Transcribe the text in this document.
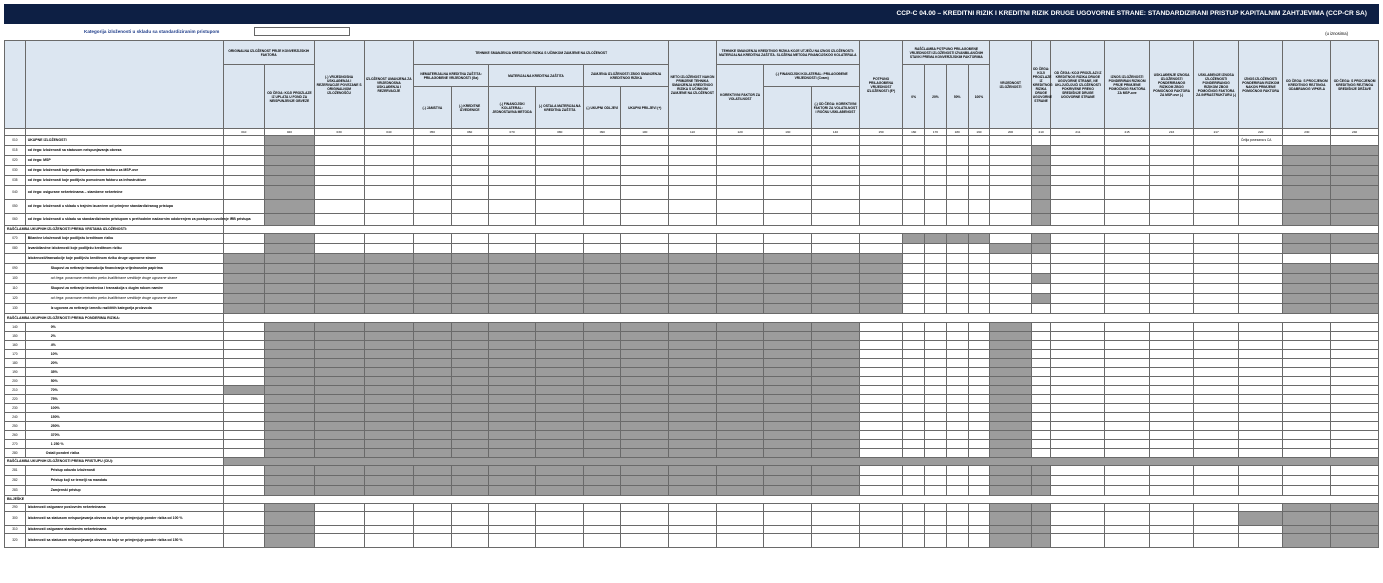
CCP-C 04.00 – KREDITNI RIZIK I KREDITNI RIZIK DRUGE UGOVORNE STRANE: STANDARDIZIRANI PRISTUP KAPITALNIM ZAHTJEVIMA (CCP-CR SA)
Kategorija izloženosti u skladu sa standardiziranim pristupom	(u iznosima)
		ORIGINALNA IZLOŽENOST PRIJE KONVERZIJSKIH FAKTORA		(-) VRIJEDNOSNA USKLAĐENJA I REZERVACIJE POVEZANE S ORIGINALNOM IZLOŽENOŠĆU	IZLOŽENOST UMANJENA ZA VRIJEDNOSNA USKLAĐENJA I REZERVACIJE	TEHNIKE SMANJENJA KREDITNOG RIZIKA S UČINKOM ZAMJENE NA IZLOŽENOST						NETO IZLOŽENOST NAKON PRIMJENE TEHNIKA SMANJENJA KREDITNOG RIZIKA S UČINKOM ZAMJENE NA IZLOŽENOST	TEHNIKE SMANJENJA KREDITNOG RIZIKA KOJE UTJEČU NA IZNOS IZLOŽENOSTI: MATERIJALNA KREDITNA ZAŠTITA. SLOŽENA METODA FINANCIJSKOG KOLATERALA			POTPUNO PRILAGOĐENA VRIJEDNOST IZLOŽENOSTI (E*)	RAŠČLAMBA POTPUNO PRILAGOĐENE VRIJEDNOSTI IZLOŽENOSTI IZVANBILANČNIH STAVKI PREMA KONVERZIJSKIM FAKTORIMA				VRIJEDNOST IZLOŽENOSTI	OD ČEGA: KOJI PROIZLAZE IZ KREDITNOG RIZIKA DRUGE UGOVORNE STRANE	OD ČEGA: KOJI PROIZLAZI IZ KREDITNOG RIZIKA DRUGE UGOVORNE STRANE, NE UKLJUČUJUĆI IZLOŽENOSTI POKRIVENE PREKO SREDIŠNJE DRUGE UGOVORNE STRANE	IZNOS IZLOŽENOSTI PONDERIRAN RIZIKOM PRIJE PRIMJENE POMOĆNOG FAKTORA ZA MSP-ove	USKLAĐENJE IZNOSA IZLOŽENOSTI PONDERIRANOG RIZIKOM ZBOG POMOĆNOG FAKTORA ZA MSP-ove (-)	USKLAĐENJE IZNOSA IZLOŽENOSTI PONDERIRANOG RIZIKOM ZBOG POMOĆNOG FAKTORA ZA INFRASTRUKTURU (-)	IZNOS IZLOŽENOSTI PONDERIRAN RIZIKOM NAKON PRIMJENE POMOĆNOG FAKTORA	OD ČEGA: S PROCJENOM KREDITNOG REJTINGA ODABRANOG VIPKR-A	OD ČEGA: S PROCJENOM KREDITNOG REJTINGA SREDIŠNJE DRŽAVE
			OD ČEGA: KOJI PROIZLAZE IZ UPLATA U FOND ZA NEISPUNJENJE OBVEZE			NEMATERIJALNA KREDITNA ZAŠTITA: PRILAGOĐENE VRIJEDNOSTI (Ga)		MATERIJALNA KREDITNA ZAŠTITA		ZAMJENA IZLOŽENOSTI ZBOG SMANJENJA KREDITNOG RIZIKA			KOREKTIVNI FAKTOR ZA VOLATILNOST	(-) FINANCIJSKI KOLATERAL: PRILAGOĐENE VRIJEDNOSTI (Cvam)			0%	20%	50%	100%									
						(-) JAMSTVA	(-) KREDITNE IZVEDENICE	(-) FINANCIJSKI KOLATERAL: JEDNOSTAVNA METODA	(-) OSTALA MATERIJALNA KREDITNA ZAŠTITA	(-) UKUPNI ODLJEVI	UKUPNI PRILJEVI (+)				(-) OD ČEGA: KOREKTIVNI FAKTORI ZA VOLATILNOST I ROČNU USKLAĐENOST														
		010	020	030	040	050	060	070	080	090	100	110	120	130	140	150	160	170	180	190	200	210	211	215	216	217	220	230	240
010	UKUPNE IZLOŽENOSTI																										Ćelija povezana s CA		
015	od čega: Izloženosti sa statusom neispunjavanja obveza																												
020	od čega: MSP																												
030	od čega: Izloženosti koje podliježu pomoćnom faktoru za MSP-ove																												
035	od čega: Izloženosti koje podliježu pomoćnom faktoru za infrastrukture																												
040	od čega: osigurane nekretninama – stambene nekretnine																												
050	od čega: Izloženosti u skladu s trajnim izuzećem od primjene standardiziranog pristupa																												
060	od čega: Izloženosti u skladu sa standardiziranim pristupom s prethodnim nadzornim odobrenjem za postupno uvođenje IRB pristupa																												
RAŠČLAMBA UKUPNIH IZLOŽENOSTI PREMA VRSTAMA IZLOŽENOSTI:																													
070	Bilančne izloženosti koje podliježu kreditnom riziku																												
080	Izvanbilančne izloženosti koje podliježu kreditnom riziku																												
	Izloženosti/transakcije koje podliježu kreditnom riziku druge ugovorne strane																												
090	Skupovi za netiranje transakcija financiranja vrijednosnim papirima																												
100	od čega: poravnane centralno preko kvalificirane središnje druge ugovorne strane																												
110	Skupovi za netiranje izvedenica i transakcija s dugim rokom namire																												
120	od čega: poravnane centralno preko kvalificirane središnje druge ugovorne strane																												
130	Iz ugovora za netiranje između različitih kategorija proizvoda																												
RAŠČLAMBA UKUPNIH IZLOŽENOSTI PREMA PONDERIMA RIZIKA:																													
140	0%																												
150	2%																												
160	4%																												
170	10%																												
180	20%																												
190	35%																												
200	50%																												
210	70%																												
220	75%																												
230	100%																												
240	150%																												
250	250%																												
260	370%																												
270	1 250 %																												
280	Ostali ponderi rizika																												
RAŠČLAMBA UKUPNIH IZLOŽENOSTI PREMA PRISTUPU (CIU):																													
281	Pristup odozdo izloženosti																												
282	Pristup koji se temelji na mandatu																												
283	Zamjenski pristup																												
BILJEŠKE																													
290	Izloženosti osigurane poslovnim nekretninama																												
300	Izloženosti sa statusom neispunjavanja obveza na koje se primjenjuje ponder rizika od 100 %																												
310	Izloženosti osigurane stambenim nekretninama																												
320	Izloženosti sa statusom neispunjavanja obveza na koje se primjenjuje ponder rizika od 150 %																												
